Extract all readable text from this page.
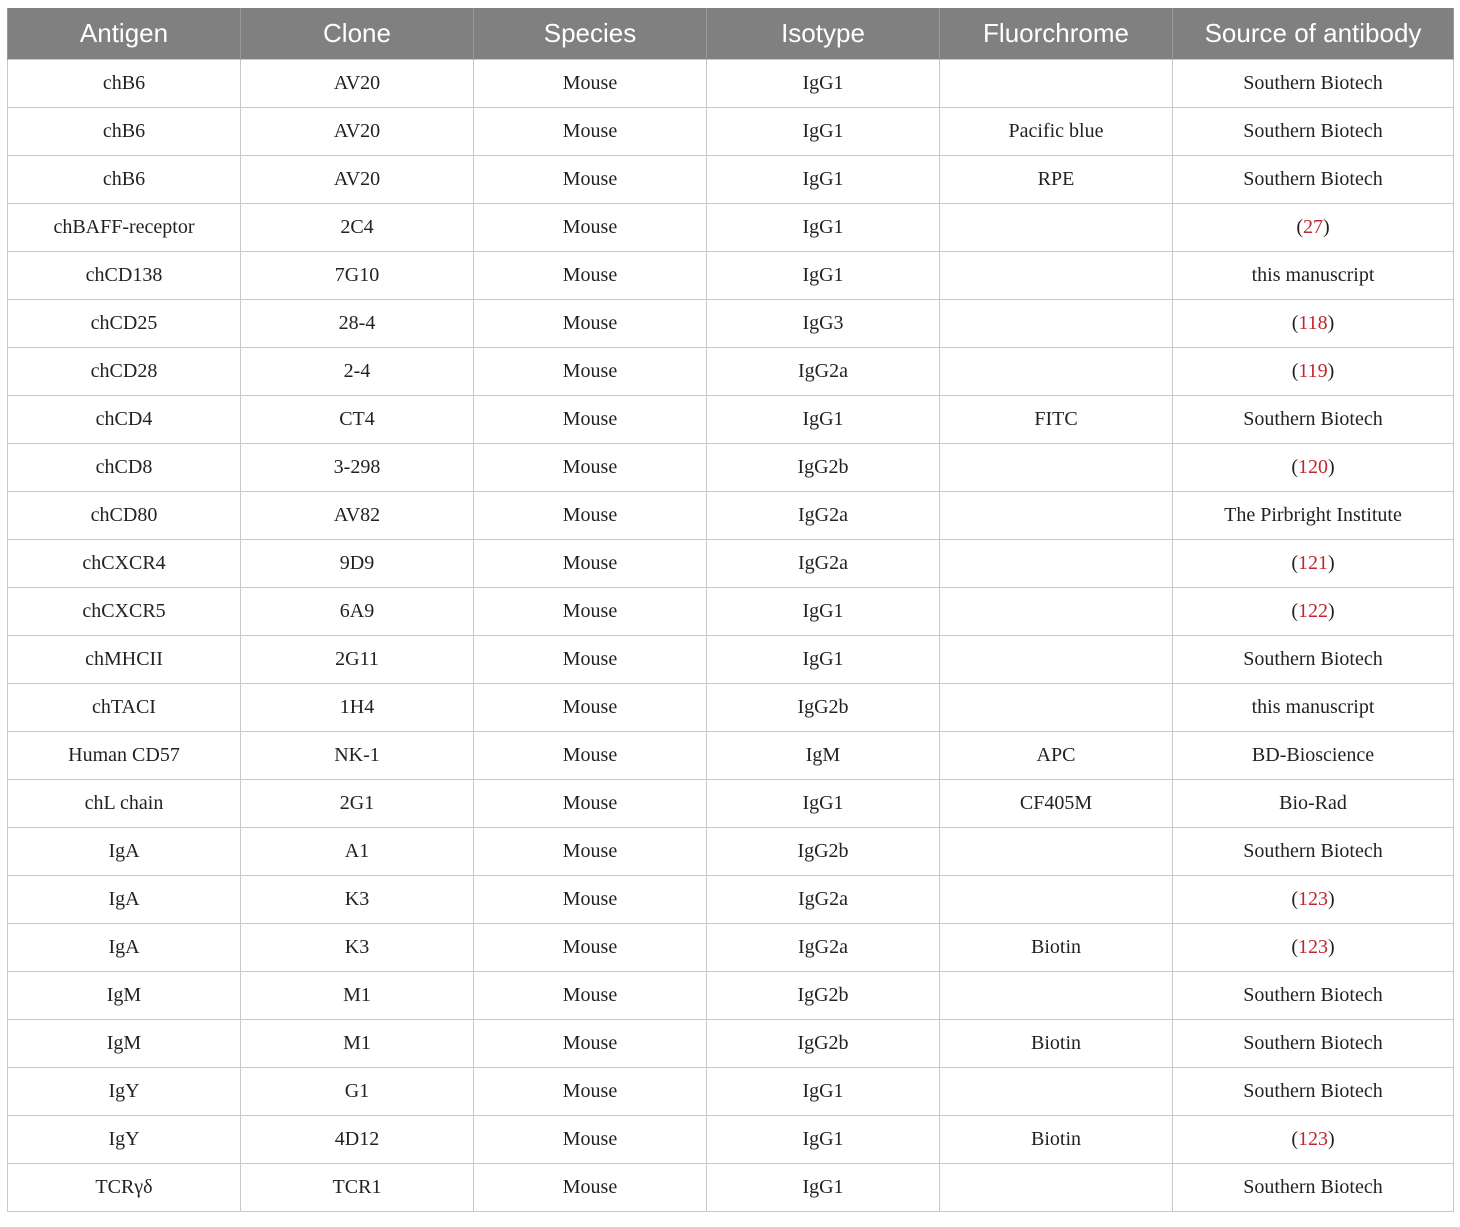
Antigen	Clone	Species	Isotype	Fluorchrome	Source of antibody
chB6	AV20	Mouse	IgG1		Southern Biotech
chB6	AV20	Mouse	IgG1	Pacific blue	Southern Biotech
chB6	AV20	Mouse	IgG1	RPE	Southern Biotech
chBAFF-receptor	2C4	Mouse	IgG1		(27)
chCD138	7G10	Mouse	IgG1		this manuscript
chCD25	28-4	Mouse	IgG3		(118)
chCD28	2-4	Mouse	IgG2a		(119)
chCD4	CT4	Mouse	IgG1	FITC	Southern Biotech
chCD8	3-298	Mouse	IgG2b		(120)
chCD80	AV82	Mouse	IgG2a		The Pirbright Institute
chCXCR4	9D9	Mouse	IgG2a		(121)
chCXCR5	6A9	Mouse	IgG1		(122)
chMHCII	2G11	Mouse	IgG1		Southern Biotech
chTACI	1H4	Mouse	IgG2b		this manuscript
Human CD57	NK-1	Mouse	IgM	APC	BD-Bioscience
chL chain	2G1	Mouse	IgG1	CF405M	Bio-Rad
IgA	A1	Mouse	IgG2b		Southern Biotech
IgA	K3	Mouse	IgG2a		(123)
IgA	K3	Mouse	IgG2a	Biotin	(123)
IgM	M1	Mouse	IgG2b		Southern Biotech
IgM	M1	Mouse	IgG2b	Biotin	Southern Biotech
IgY	G1	Mouse	IgG1		Southern Biotech
IgY	4D12	Mouse	IgG1	Biotin	(123)
TCRγδ	TCR1	Mouse	IgG1		Southern Biotech
